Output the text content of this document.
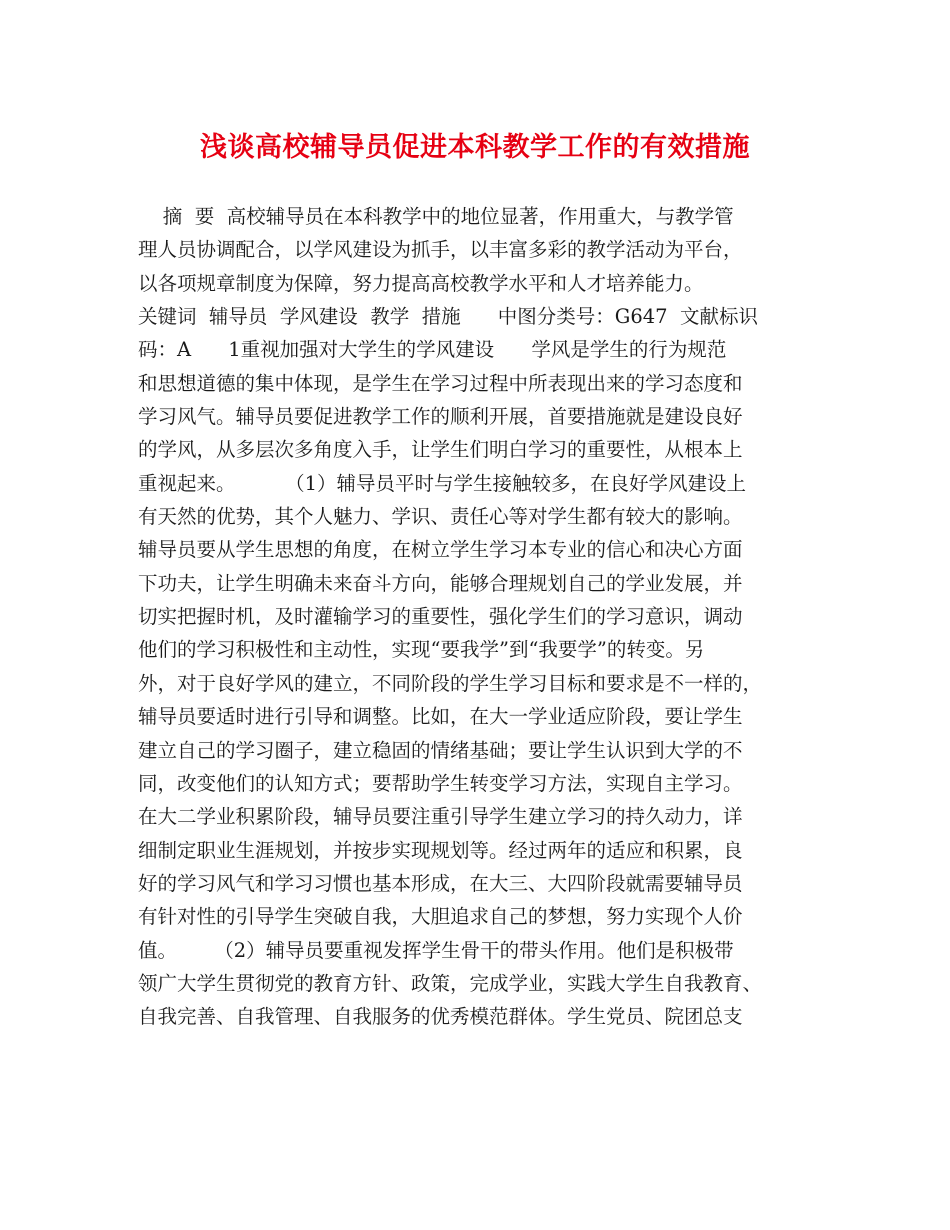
浅谈高校辅导员促进本科教学工作的有效措施
摘  要  高校辅导员在本科教学中的地位显著，作用重大，与教学管
理人员协调配合，以学风建设为抓手，以丰富多彩的教学活动为平台，
以各项规章制度为保障，努力提高高校教学水平和人才培养能力。
关键词  辅导员  学风建设  教学  措施      中图分类号：G647  文献标识
码：A      1重视加强对大学生的学风建设      学风是学生的行为规范
和思想道德的集中体现，是学生在学习过程中所表现出来的学习态度和
学习风气。辅导员要促进教学工作的顺利开展，首要措施就是建设良好
的学风，从多层次多角度入手，让学生们明白学习的重要性，从根本上
重视起来。        （1）辅导员平时与学生接触较多，在良好学风建设上
有天然的优势，其个人魅力、学识、责任心等对学生都有较大的影响。
辅导员要从学生思想的角度，在树立学生学习本专业的信心和决心方面
下功夫，让学生明确未来奋斗方向，能够合理规划自己的学业发展，并
切实把握时机，及时灌输学习的重要性，强化学生们的学习意识，调动
他们的学习积极性和主动性，实现“要我学”到“我要学”的转变。另
外，对于良好学风的建立，不同阶段的学生学习目标和要求是不一样的，
辅导员要适时进行引导和调整。比如，在大一学业适应阶段，要让学生
建立自己的学习圈子，建立稳固的情绪基础；要让学生认识到大学的不
同，改变他们的认知方式；要帮助学生转变学习方法，实现自主学习。
在大二学业积累阶段，辅导员要注重引导学生建立学习的持久动力，详
细制定职业生涯规划，并按步实现规划等。经过两年的适应和积累，良
好的学习风气和学习习惯也基本形成，在大三、大四阶段就需要辅导员
有针对性的引导学生突破自我，大胆追求自己的梦想，努力实现个人价
值。      （2）辅导员要重视发挥学生骨干的带头作用。他们是积极带
领广大学生贯彻党的教育方针、政策，完成学业，实践大学生自我教育、
自我完善、自我管理、自我服务的优秀模范群体。学生党员、院团总支
